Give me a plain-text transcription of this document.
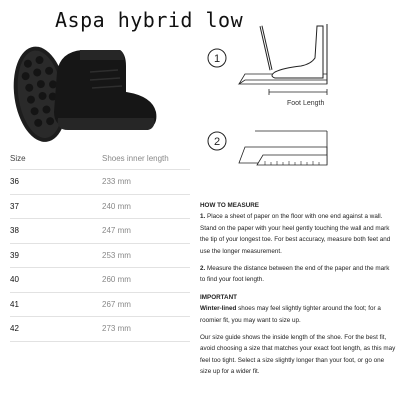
Aspa hybrid low
1
Foot Length
2
Size	Shoes inner length
36	233 mm
37	240 mm
38	247 mm
39	253 mm
40	260 mm
41	267 mm
42	273 mm
HOW TO MEASURE

1. Place a sheet of paper on the floor with one end against a wall. Stand on the paper with your heel gently touching the wall and mark the tip of your longest toe. For best accuracy, measure both feet and use the longer measurement.

2. Measure the distance between the end of the paper and the mark to find your foot length.

IMPORTANT

Winter-lined shoes may feel slightly tighter around the foot; for a roomier fit, you may want to size up.

Our size guide shows the inside length of the shoe. For the best fit, avoid choosing a size that matches your exact foot length, as this may feel too tight. Select a size slightly longer than your foot, or go one size up for a wider fit.
